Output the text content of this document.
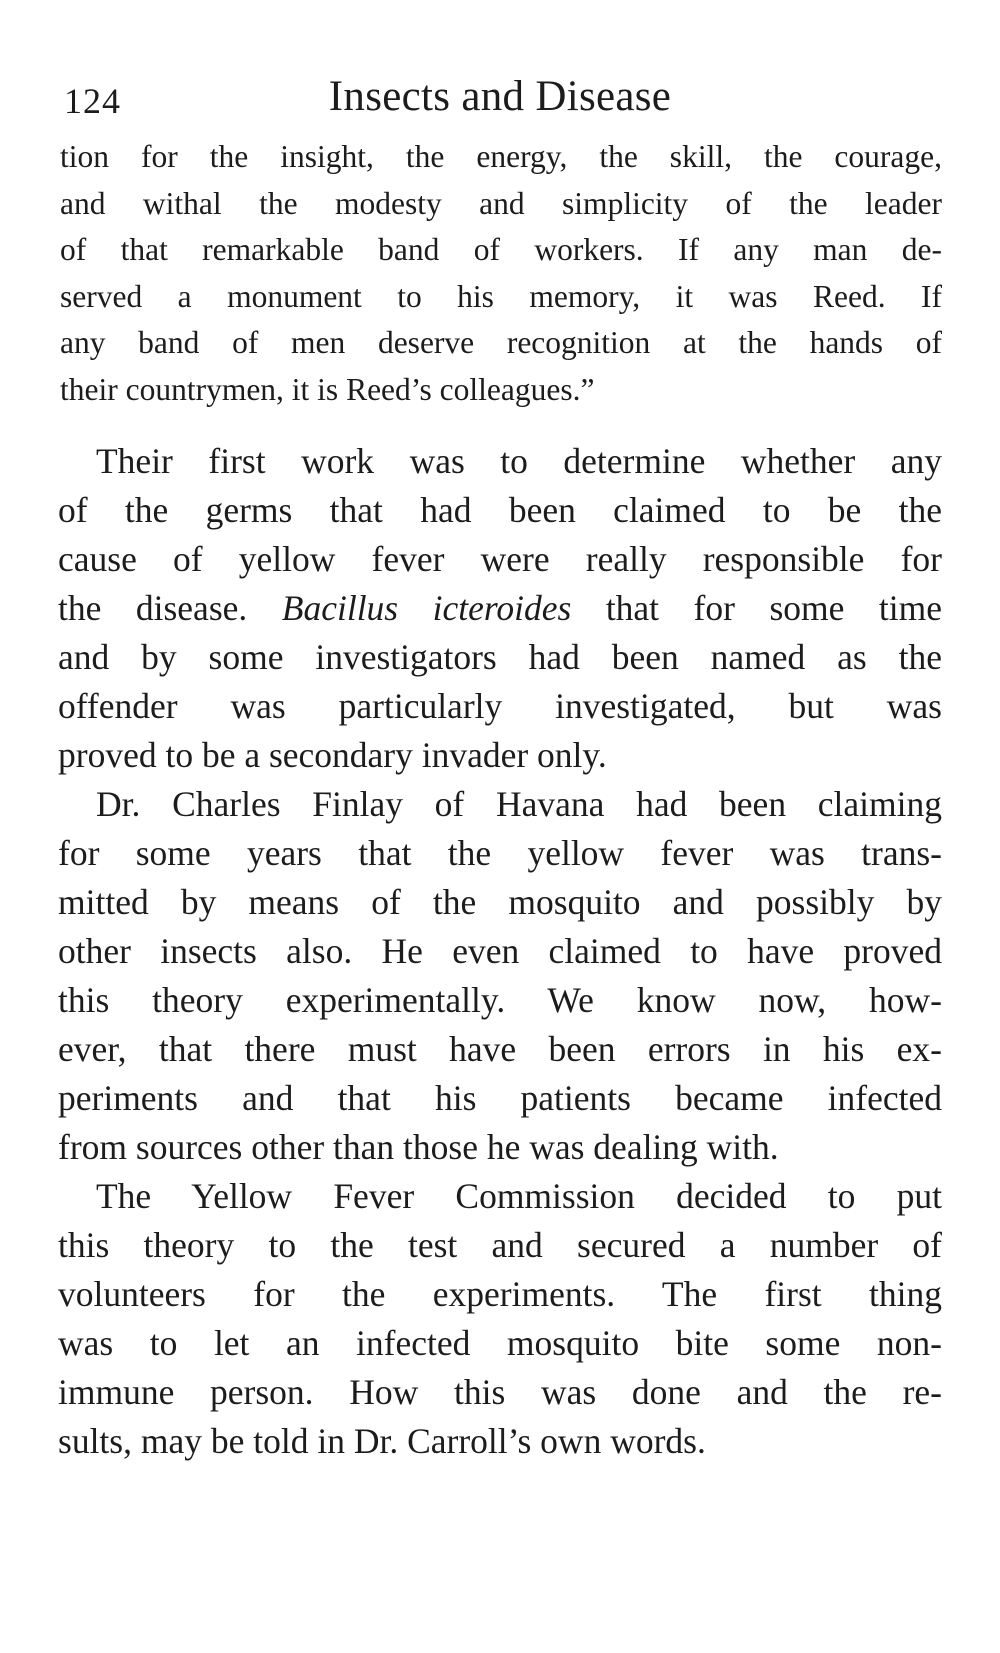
124	Insects and Disease

tion for the insight, the energy, the skill, the courage,
and withal the modesty and simplicity of the leader
of that remarkable band of workers. If any man de-
served a monument to his memory, it was Reed. If
any band of men deserve recognition at the hands of
their countrymen, it is Reed’s colleagues.”

Their first work was to determine whether any
of the germs that had been claimed to be the
cause of yellow fever were really responsible for
the disease. Bacillus icteroides that for some time
and by some investigators had been named as the
offender was particularly investigated, but was
proved to be a secondary invader only.

Dr. Charles Finlay of Havana had been claiming
for some years that the yellow fever was trans-
mitted by means of the mosquito and possibly by
other insects also. He even claimed to have proved
this theory experimentally. We know now, how-
ever, that there must have been errors in his ex-
periments and that his patients became infected
from sources other than those he was dealing with.

The Yellow Fever Commission decided to put
this theory to the test and secured a number of
volunteers for the experiments. The first thing
was to let an infected mosquito bite some non-
immune person. How this was done and the re-
sults, may be told in Dr. Carroll’s own words.
